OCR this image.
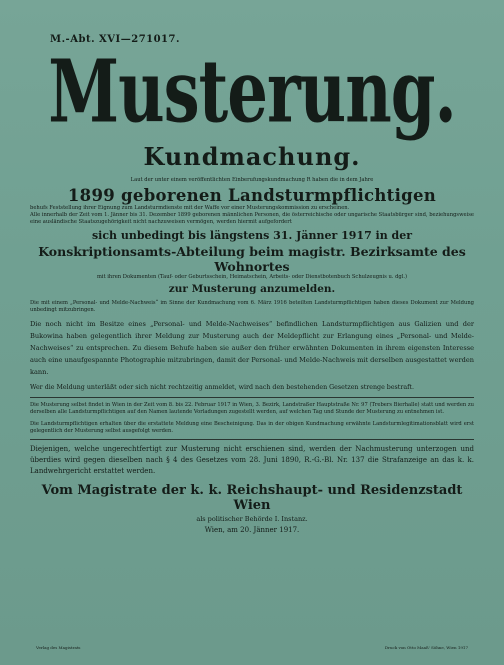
M.-Abt. XVI—271017.
Musterung.
Kundmachung.
Laut der unter einem veröffentlichten Einberufungskundmachung R haben die in dem Jahre
1899 geborenen Landsturmpflichtigen
behufs Feststellung ihrer Eignung zum Landsturmdienste mit der Waffe vor einer Musterungskommission zu erscheinen.
Alle innerhalb der Zeit vom 1. Jänner bis 31. Dezember 1899 geborenen männlichen Personen, die österreichische oder ungarische Staatsbürger sind, beziehungsweise eine ausländische Staatszugehörigkeit nicht nachzuweisen vermögen, werden hiermit aufgefordert
sich unbedingt bis längstens 31. Jänner 1917 in der
Konskriptionsamts-Abteilung beim magistr. Bezirksamte des Wohnortes
mit ihren Dokumenten (Tauf- oder Geburtsschein, Heimatschein, Arbeits- oder Dienstbotenbuch Schulzeugnis u. dgl.)
zur Musterung anzumelden.
Die mit einem „Personal- und Melde-Nachweis“ im Sinne der Kundmachung vom 6. März 1916 beteilten Landsturmpflichtigen haben dieses Dokument zur Meldung unbedingt mitzubringen.
Die noch nicht im Besitze eines „Personal- und Melde-Nachweises“ befindlichen Landsturmpflichtigen aus Galizien und der Bukowina haben gelegentlich ihrer Meldung zur Musterung auch der Meldepflicht zur Erlangung eines „Personal- und Melde-Nachweises“ zu entsprechen. Zu diesem Behufe haben sie außer den früher erwähnten Dokumenten in ihrem eigensten Interesse auch eine unaufgespannte Photographie mitzubringen, damit der Personal- und Melde-Nachweis mit derselben ausgestattet werden kann.
Wer die Meldung unterläßt oder sich nicht rechtzeitig anmeldet, wird nach den bestehenden Gesetzen strenge bestraft.
Die Musterung selbst findet in Wien in der Zeit vom 8. bis 22. Februar 1917 in Wien, 3. Bezirk, Landstraßer Hauptstraße Nr. 97 (Trebers Bierhalle) statt und werden zu derselben alle Landsturmpflichtigen auf den Namen lautende Vorladungen zugestellt werden, auf welchen Tag und Stunde der Musterung zu entnehmen ist.
Die Landsturmpflichtigen erhalten über die erstattete Meldung eine Bescheinigung. Das in der obigen Kundmachung erwähnte Landsturmlegitimationsblatt wird erst gelegentlich der Musterung selbst ausgefolgt werden.
Diejenigen, welche ungerechtfertigt zur Musterung nicht erschienen sind, werden der Nachmusterung unterzogen und überdies wird gegen dieselben nach § 4 des Gesetzes vom 28. Juni 1890, R.-G.-Bl. Nr. 137 die Strafanzeige an das k. k. Landwehrgericht erstattet werden.
Vom Magistrate der k. k. Reichshaupt- und Residenzstadt Wien
als politischer Behörde I. Instanz.
Wien, am 20. Jänner 1917.
Verlag des Magistrats	Druck von Otto Maaß' Söhne, Wien 1917
